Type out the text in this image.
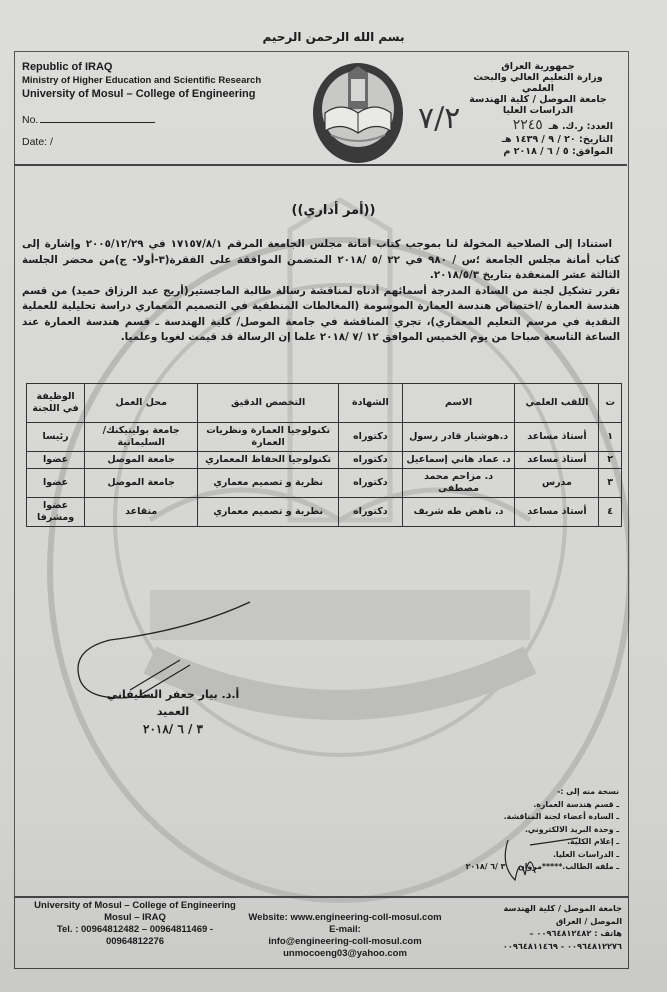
بسم الله الرحمن الرحيم
Republic of IRAQ
Ministry of Higher Education and Scientific Research
University of Mosul – College of Engineering
No.
Date: /
٧/٢
جمهورية العراق
وزارة التعليم العالي والبحث العلمي
جامعة الموصل / كلية الهندسة
الدراسات العليا
العدد: ر.ك. هـ٢٢٤٥
التاريخ: ٢٠ / ٩ / ١٤٣٩ هـ
الموافق: ٥ / ٦ / ٢٠١٨ م
((أمر أداري))

استنادا إلى الصلاحية المخولة لنا بموجب كتاب أمانة مجلس الجامعة المرقم ١٧١٥٧/٨/١ في ٢٠٠٥/١٢/٢٩ وإشارة إلى كتاب أمانة مجلس الجامعة ؛س / ٩٨٠ في ٢٢ /٥ /٢٠١٨ المتضمن الموافقة على الفقرة(٣-أولا- ج)من محضر الجلسة الثالثة عشر المنعقدة بتاريخ ٢٠١٨/٥/٣.

تقرر تشكيل لجنة من السادة المدرجة أسمائهم أدناه لمناقشة رسالة طالبة الماجستير(أريج عبد الرزاق حميد) من قسم هندسة العمارة /اختصاص هندسة العمارة الموسومة (المغالطات المنطقية في التصميم المعماري دراسة تحليلية للعملية النقدية في مرسم التعليم المعماري)، تجري المناقشة في جامعة الموصل/ كلية الهندسة ـ قسم هندسة العمارة عند الساعة التاسعة صباحا من يوم الخميس الموافق ١٢ /٧ /٢٠١٨ علما إن الرسالة قد قيمت لغويا وعلميا.

ت	اللقب العلمي	الاسم	الشهادة	التخصص الدقيق	محل العمل	الوظيفة في اللجنة
١	أستاذ مساعد	د.هوشيار قادر رسول	دكتوراه	تكنولوجيا العمارة ونظريات العمارة	جامعة بوليتيكنك/السليمانية	رئيسا
٢	أستاذ مساعد	د. عماد هاني إسماعيل	دكتوراه	تكنولوجيا الحفاظ المعماري	جامعة الموصل	عضوا
٣	مدرس	د. مزاحم محمد مصطفى	دكتوراه	نظرية و تصميم معماري	جامعة الموصل	عضوا
٤	أستاذ مساعد	د. ناهض طه شريف	دكتوراه	نظرية و تصميم معماري	متقاعد	عضوا ومشرفا
أ.د. بيار جعفر السليفاني
العميد
٣ / ٦ /٢٠١٨
نسخة منه إلى :-
ـ قسم هندسة العمارة.
ـ السادة أعضاء لجنة المناقشة.
ـ وحدة البريد الالكتروني.
ـ إعلام الكلية.
ـ الدراسات العليا.
ـ ملفه الطالب.*****مروان ٣ /٦ /٢٠١٨
University of Mosul – College of Engineering
Mosul – IRAQ
Tel. : 00964812482 – 00964811469 -
00964812276
Website: www.engineering-coll-mosul.com
E-mail:
info@engineering-coll-mosul.com
unmocoeng03@yahoo.com
جامعة الموصل / كلية الهندسة
الموصل / العراق
هاتف : ٠٠٩٦٤٨١٢٤٨٢ –
٠٠٩٦٤٨١٢٢٧٦ - ٠٠٩٦٤٨١١٤٦٩
